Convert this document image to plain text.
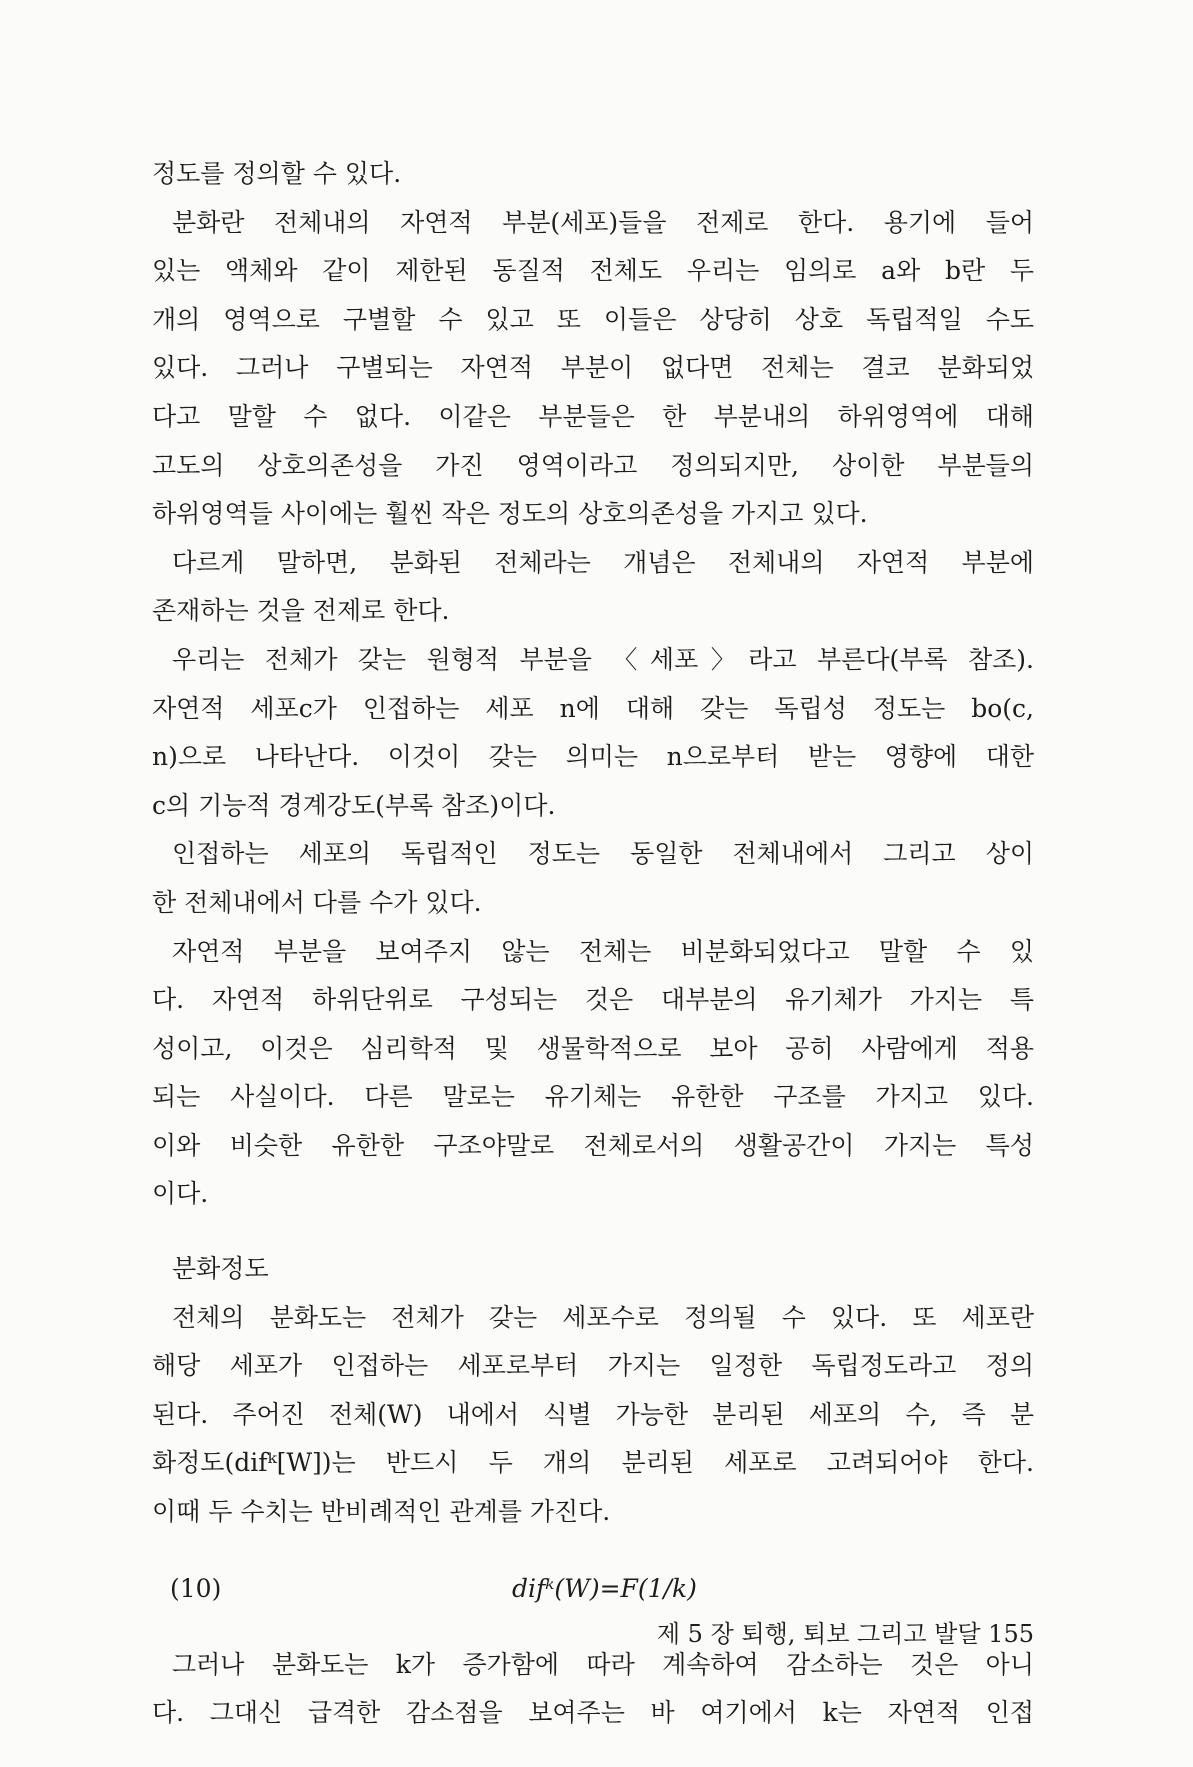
정도를 정의할 수 있다.
분화란 전체내의 자연적 부분(세포)들을 전제로 한다. 용기에 들어
있는 액체와 같이 제한된 동질적 전체도 우리는 임의로 a와 b란 두
개의 영역으로 구별할 수 있고 또 이들은 상당히 상호 독립적일 수도
있다. 그러나 구별되는 자연적 부분이 없다면 전체는 결코 분화되었
다고 말할 수 없다. 이같은 부분들은 한 부분내의 하위영역에 대해
고도의 상호의존성을 가진 영역이라고 정의되지만, 상이한 부분들의
하위영역들 사이에는 훨씬 작은 정도의 상호의존성을 가지고 있다.
다르게 말하면, 분화된 전체라는 개념은 전체내의 자연적 부분에
존재하는 것을 전제로 한다.
우리는 전체가 갖는 원형적 부분을 〈세포〉라고 부른다(부록 참조).
자연적 세포c가 인접하는 세포 n에 대해 갖는 독립성 정도는 bo(c,
n)으로 나타난다. 이것이 갖는 의미는 n으로부터 받는 영향에 대한
c의 기능적 경계강도(부록 참조)이다.
인접하는 세포의 독립적인 정도는 동일한 전체내에서 그리고 상이
한 전체내에서 다를 수가 있다.
자연적 부분을 보여주지 않는 전체는 비분화되었다고 말할 수 있
다. 자연적 하위단위로 구성되는 것은 대부분의 유기체가 가지는 특
성이고, 이것은 심리학적 및 생물학적으로 보아 공히 사람에게 적용
되는 사실이다. 다른 말로는 유기체는 유한한 구조를 가지고 있다.
이와 비슷한 유한한 구조야말로 전체로서의 생활공간이 가지는 특성
이다.
분화정도
전체의 분화도는 전체가 갖는 세포수로 정의될 수 있다. 또 세포란
해당 세포가 인접하는 세포로부터 가지는 일정한 독립정도라고 정의
된다. 주어진 전체(W) 내에서 식별 가능한 분리된 세포의 수, 즉 분
화정도(difᵏ[W])는 반드시 두 개의 분리된 세포로 고려되어야 한다.
이때 두 수치는 반비례적인 관계를 가진다.
(10)	difᵏ(W)=F(1/k)
그러나 분화도는 k가 증가함에 따라 계속하여 감소하는 것은 아니
다. 그대신 급격한 감소점을 보여주는 바 여기에서 k는 자연적 인접
제 5 장 퇴행, 퇴보 그리고 발달 155
